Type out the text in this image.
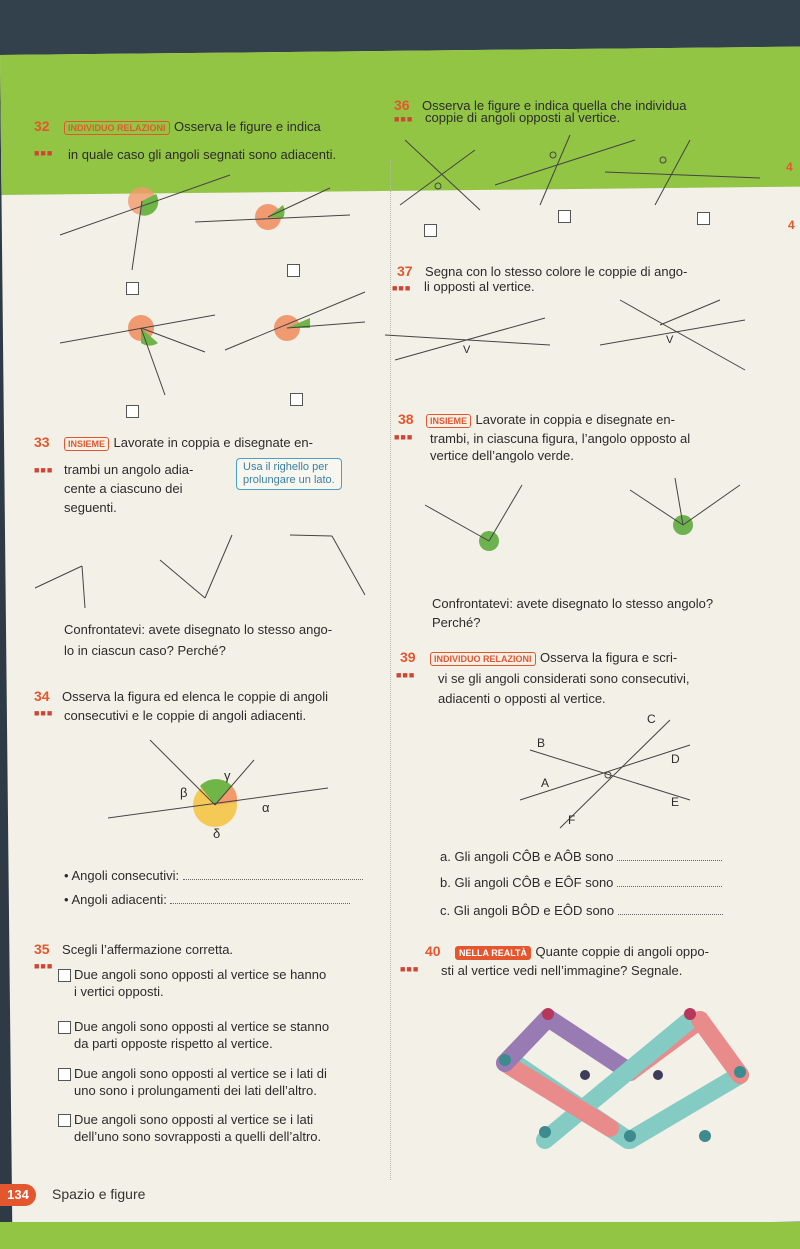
32 INDIVIDUO RELAZIONI Osserva le figure e indica
■■■ in quale caso gli angoli segnati sono adiacenti.
36 Osserva le figure e indica quella che individua
■■■ coppie di angoli opposti al vertice.
4
4
37 Segna con lo stesso colore le coppie di ango-
■■■ li opposti al vertice.
V
V
38 INSIEME Lavorate in coppia e disegnate en-
■■■ trambi, in ciascuna figura, l’angolo opposto al
vertice dell’angolo verde.
Confrontatevi: avete disegnato lo stesso angolo?
Perché?
33 INSIEME Lavorate in coppia e disegnate en-
■■■ trambi un angolo adia-
cente a ciascuno dei
seguenti.
Usa il righello per
prolungare un lato.
Confrontatevi: avete disegnato lo stesso ango-
lo in ciascun caso? Perché?
34 Osserva la figura ed elenca le coppie di angoli
■■■ consecutivi e le coppie di angoli adiacenti.
γ
β
α
δ
• Angoli consecutivi:
• Angoli adiacenti:
39 INDIVIDUO RELAZIONI Osserva la figura e scri-
■■■ vi se gli angoli considerati sono consecutivi,
adiacenti o opposti al vertice.
C
B
D
A
E
F
a. Gli angoli CÔB e AÔB sono
b. Gli angoli CÔB e EÔF sono
c. Gli angoli BÔD e EÔD sono
35 Scegli l’affermazione corretta.
■■■
Due angoli sono opposti al vertice se hanno
i vertici opposti.
Due angoli sono opposti al vertice se stanno
da parti opposte rispetto al vertice.
Due angoli sono opposti al vertice se i lati di
uno sono i prolungamenti dei lati dell’altro.
Due angoli sono opposti al vertice se i lati
dell’uno sono sovrapposti a quelli dell’altro.
40 NELLA REALTÀ Quante coppie di angoli oppo-
■■■ sti al vertice vedi nell’immagine? Segnale.
134	Spazio e figure
